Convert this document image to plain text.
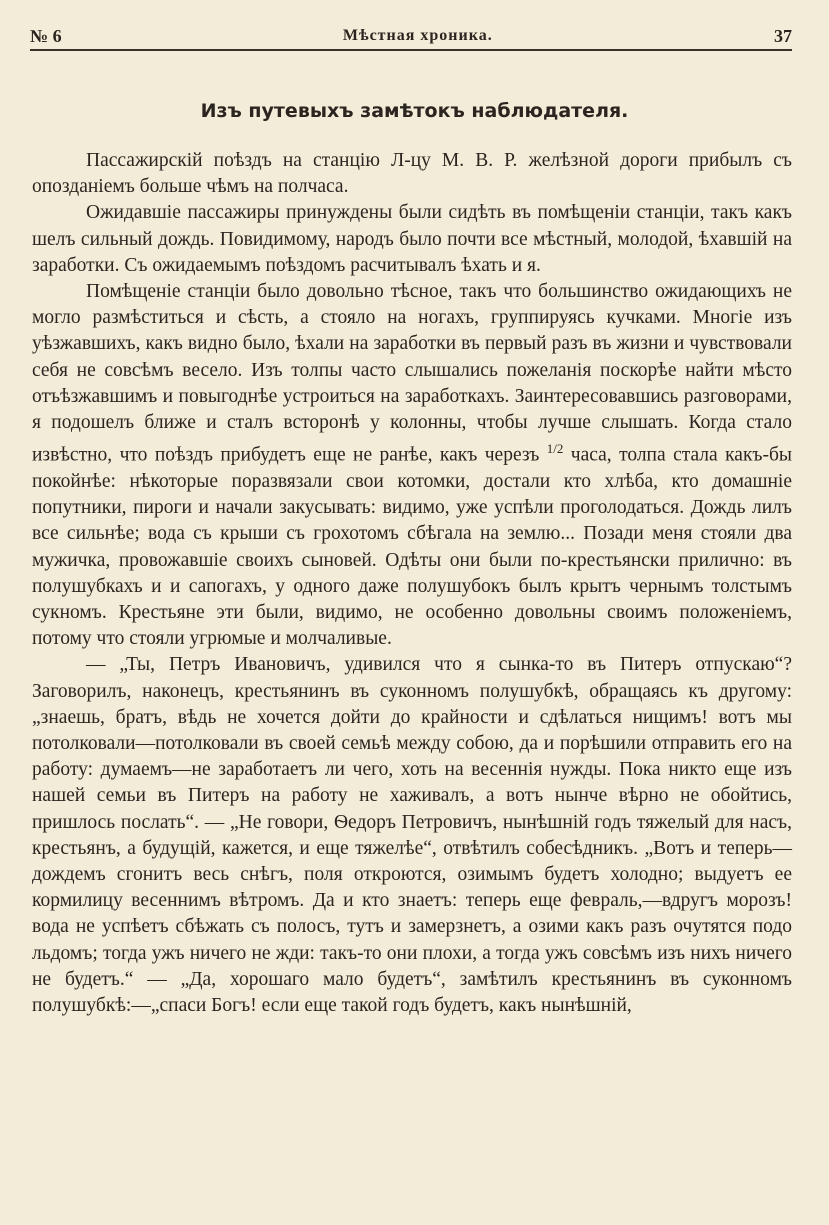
№ 6	Мѣстная хроника.	37
Изъ путевыхъ замѣтокъ наблюдателя.

Пассажирскій поѣздъ на станцію Л-цу М. В. Р. желѣзной дороги прибылъ съ опозданіемъ больше чѣмъ на полчаса.

Ожидавшіе пассажиры принуждены были сидѣть въ помѣщеніи станціи, такъ какъ шелъ сильный дождь. Повидимому, народъ было почти все мѣстный, молодой, ѣхавшій на заработки. Съ ожидаемымъ поѣздомъ расчитывалъ ѣхать и я.

Помѣщеніе станціи было довольно тѣсное, такъ что большинство ожидающихъ не могло размѣститься и сѣсть, а стояло на ногахъ, группируясь кучками. Многіе изъ уѣзжавшихъ, какъ видно было, ѣхали на заработки въ первый разъ въ жизни и чувствовали себя не совсѣмъ весело. Изъ толпы часто слышались пожеланія поскорѣе найти мѣсто отъѣзжавшимъ и повыгоднѣе устроиться на заработкахъ. Заинтересовавшись разговорами, я подошелъ ближе и сталъ всторонѣ у колонны, чтобы лучше слышать. Когда стало извѣстно, что поѣздъ прибудетъ еще не ранѣе, какъ черезъ $^{1/2}$ часа, толпа стала какъ-бы покойнѣе: нѣкоторые поразвязали свои котомки, достали кто хлѣба, кто домашніе попутники, пироги и начали закусывать: видимо, уже успѣли проголодаться. Дождь лилъ все сильнѣе; вода съ крыши съ грохотомъ сбѣгала на землю... Позади меня стояли два мужичка, провожавшіе своихъ сыновей. Одѣты они были по-крестьянски прилично: въ полушубкахъ и и сапогахъ, у одного даже полушубокъ былъ крытъ чернымъ толстымъ сукномъ. Крестьяне эти были, видимо, не особенно довольны своимъ положеніемъ, потому что стояли угрюмые и молчаливые.

— „Ты, Петръ Ивановичъ, удивился что я сынка-то въ Питеръ отпускаю“? Заговорилъ, наконецъ, крестьянинъ въ суконномъ полушубкѣ, обращаясь къ другому: „знаешь, братъ, вѣдь не хочется дойти до крайности и сдѣлаться нищимъ! вотъ мы потолковали—потолковали въ своей семьѣ между собою, да и порѣшили отправить его на работу: думаемъ—не заработаетъ ли чего, хоть на весеннія нужды. Пока никто еще изъ нашей семьи въ Питеръ на работу не хаживалъ, а вотъ нынче вѣрно не обойтись, пришлось послать“. — „Не говори, Ѳедоръ Петровичъ, нынѣшній годъ тяжелый для насъ, крестьянъ, а будущій, кажется, и еще тяжелѣе“, отвѣтилъ собесѣдникъ. „Вотъ и теперь—дождемъ сгонитъ весь снѣгъ, поля откроются, озимымъ будетъ холодно; выдуетъ ее кормилицу весеннимъ вѣтромъ. Да и кто знаетъ: теперь еще февраль,—вдругъ морозъ! вода не успѣетъ сбѣжать съ полосъ, тутъ и замерзнетъ, а озими какъ разъ очутятся подо льдомъ; тогда ужъ ничего не жди: такъ-то они плохи, а тогда ужъ совсѣмъ изъ нихъ ничего не будетъ.“ — „Да, хорошаго мало будетъ“, замѣтилъ крестьянинъ въ суконномъ полушубкѣ:—„спаси Богъ! если еще такой годъ будетъ, какъ нынѣшній,
